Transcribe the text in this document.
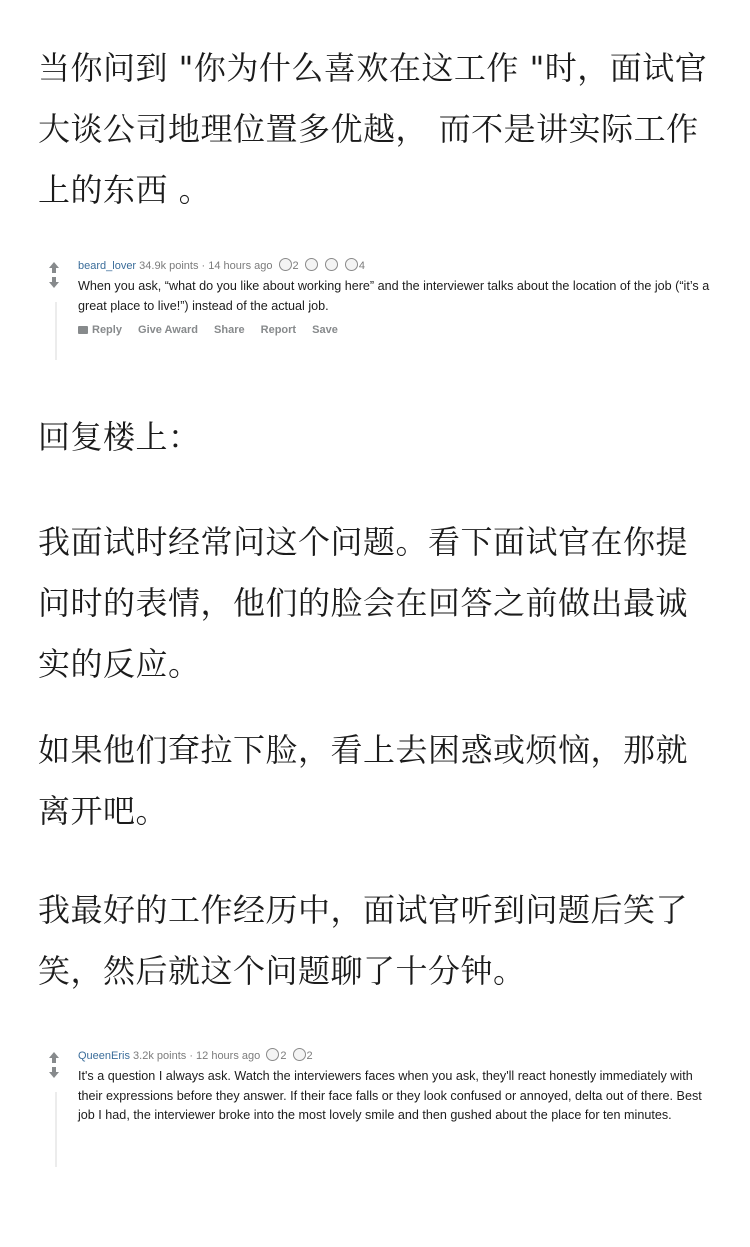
当你问到 "你为什么喜欢在这工作 "时，面试官大谈公司地理位置多优越， 而不是讲实际工作上的东西 。

beard_lover 34.9k points · 14 hours ago 2	4
When you ask, “what do you like about working here” and the interviewer talks about the location of the job (“it’s a great place to live!”) instead of the actual job.
Reply Give Award Share Report Save

回复楼上：

我面试时经常问这个问题。看下面试官在你提问时的表情，他们的脸会在回答之前做出最诚实的反应。

如果他们耷拉下脸，看上去困惑或烦恼，那就离开吧。

我最好的工作经历中，面试官听到问题后笑了笑，然后就这个问题聊了十分钟。

QueenEris 3.2k points · 12 hours ago 2 2
It's a question I always ask. Watch the interviewers faces when you ask, they'll react honestly immediately with their expressions before they answer. If their face falls or they look confused or annoyed, delta out of there. Best job I had, the interviewer broke into the most lovely smile and then gushed about the place for ten minutes.
